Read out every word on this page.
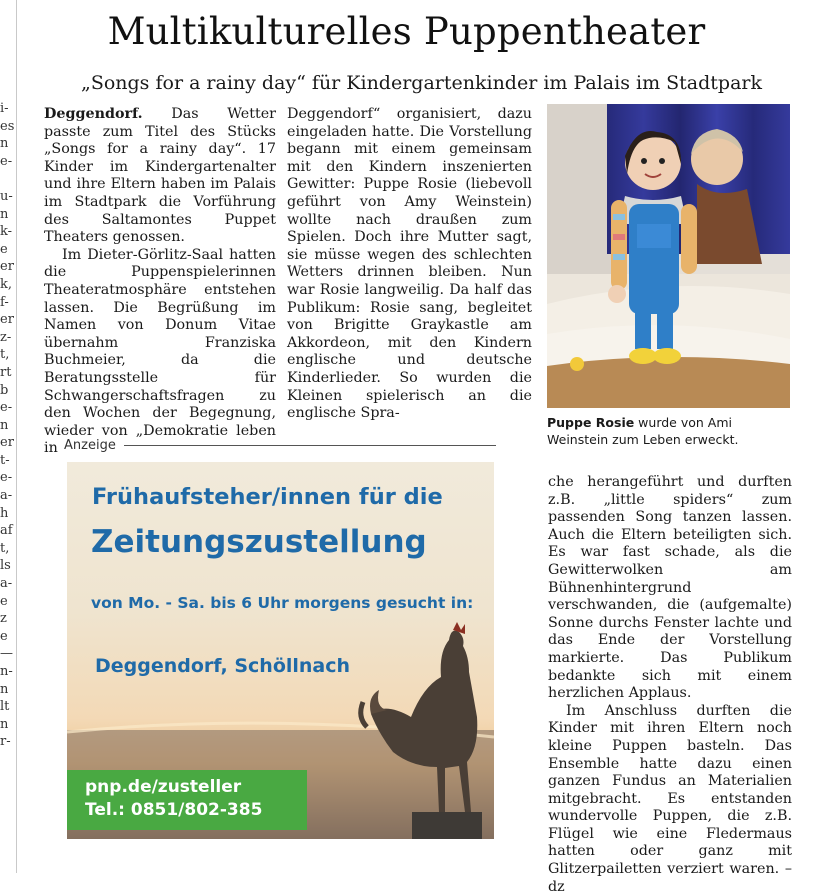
i-
es
n
e-

u-
n
k-
e
er
k,
f-
er
z-
t,
rt
b
e-
n
er
t-
e-
a-
h
af
t,
ls
a-
e
z
e
—
n-
n
lt
n
r-
Multikulturelles Puppentheater
„Songs for a rainy day“ für Kindergartenkinder im Palais im Stadtpark

Deggendorf. Das Wetter passte zum Titel des Stücks „Songs for a rainy day“. 17 Kinder im Kindergartenalter und ihre Eltern haben im Palais im Stadtpark die Vorführung des Saltamontes Puppet Theaters genossen.

Im Dieter-Görlitz-Saal hatten die Puppenspielerinnen Theateratmosphäre entstehen lassen. Die Begrüßung im Namen von Donum Vitae übernahm Franziska Buchmeier, da die Beratungsstelle für Schwangerschaftsfragen zu den Wochen der Begegnung, wieder von „Demokratie leben in

Deggendorf“ organisiert, dazu eingeladen hatte. Die Vorstellung begann mit einem gemeinsam mit den Kindern inszenierten Gewitter: Puppe Rosie (liebevoll geführt von Amy Weinstein) wollte nach draußen zum Spielen. Doch ihre Mutter sagt, sie müsse wegen des schlechten Wetters drinnen bleiben. Nun war Rosie langweilig. Da half das Publikum: Rosie sang, begleitet von Brigitte Graykastle am Akkordeon, mit den Kindern englische und deutsche Kinderlieder. So wurden die Kleinen spielerisch an die englische Spra-

che herangeführt und durften z.B. „little spiders“ zum passenden Song tanzen lassen. Auch die Eltern beteiligten sich. Es war fast schade, als die Gewitterwolken am Bühnenhintergrund verschwanden, die (aufgemalte) Sonne durchs Fenster lachte und das Ende der Vorstellung markierte. Das Publikum bedankte sich mit einem herzlichen Applaus.

Im Anschluss durften die Kinder mit ihren Eltern noch kleine Puppen basteln. Das Ensemble hatte dazu einen ganzen Fundus an Materialien mitgebracht. Es entstanden wundervolle Puppen, die z.B. Flügel wie eine Fledermaus hatten oder ganz mit Glitzerpailetten verziert waren. – dz

Puppe Rosie wurde von Ami Weinstein zum Leben erweckt.
Anzeige
Frühaufsteher/innen für die
Zeitungszustellung
von Mo. - Sa. bis 6 Uhr morgens gesucht in:
Deggendorf, Schöllnach
pnp.de/zusteller
Tel.: 0851/802-385
